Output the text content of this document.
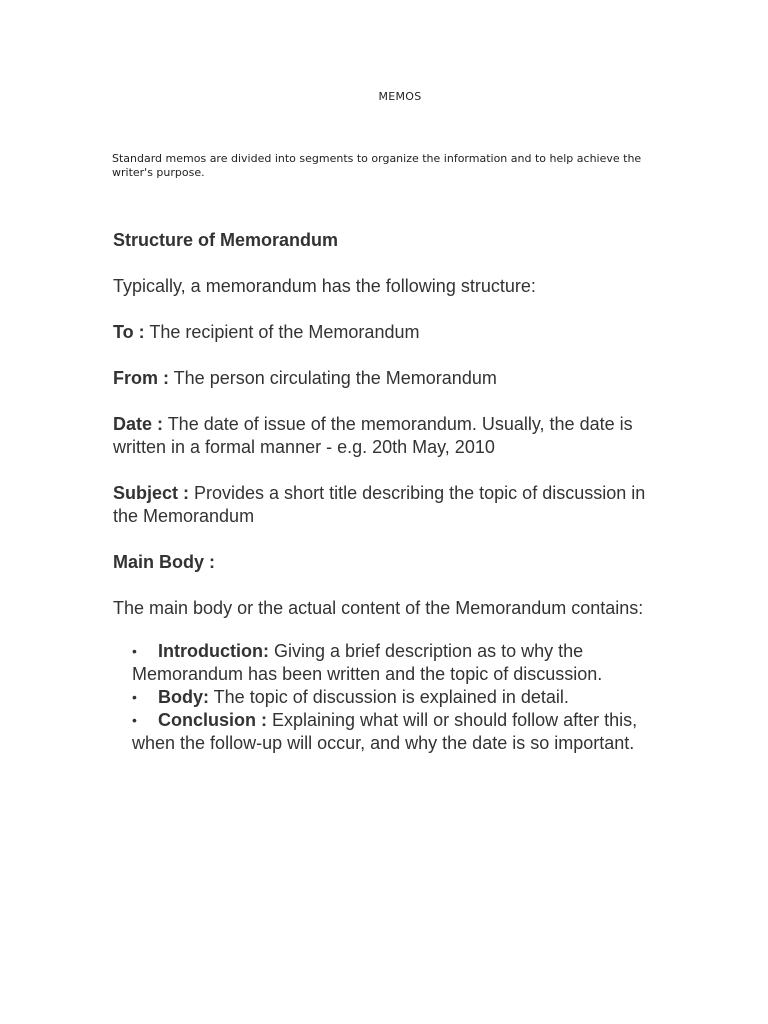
MEMOS
Standard memos are divided into segments to organize the information and to help achieve the writer's purpose.

Structure of Memorandum

Typically, a memorandum has the following structure:

To : The recipient of the Memorandum

From : The person circulating the Memorandum

Date : The date of issue of the memorandum. Usually, the date is written in a formal manner - e.g. 20th May, 2010

Subject : Provides a short title describing the topic of discussion in the Memorandum

Main Body :

The main body or the actual content of the Memorandum contains:

• Introduction: Giving a brief description as to why the Memorandum has been written and the topic of discussion.
• Body: The topic of discussion is explained in detail.
• Conclusion : Explaining what will or should follow after this, when the follow-up will occur, and why the date is so important.
